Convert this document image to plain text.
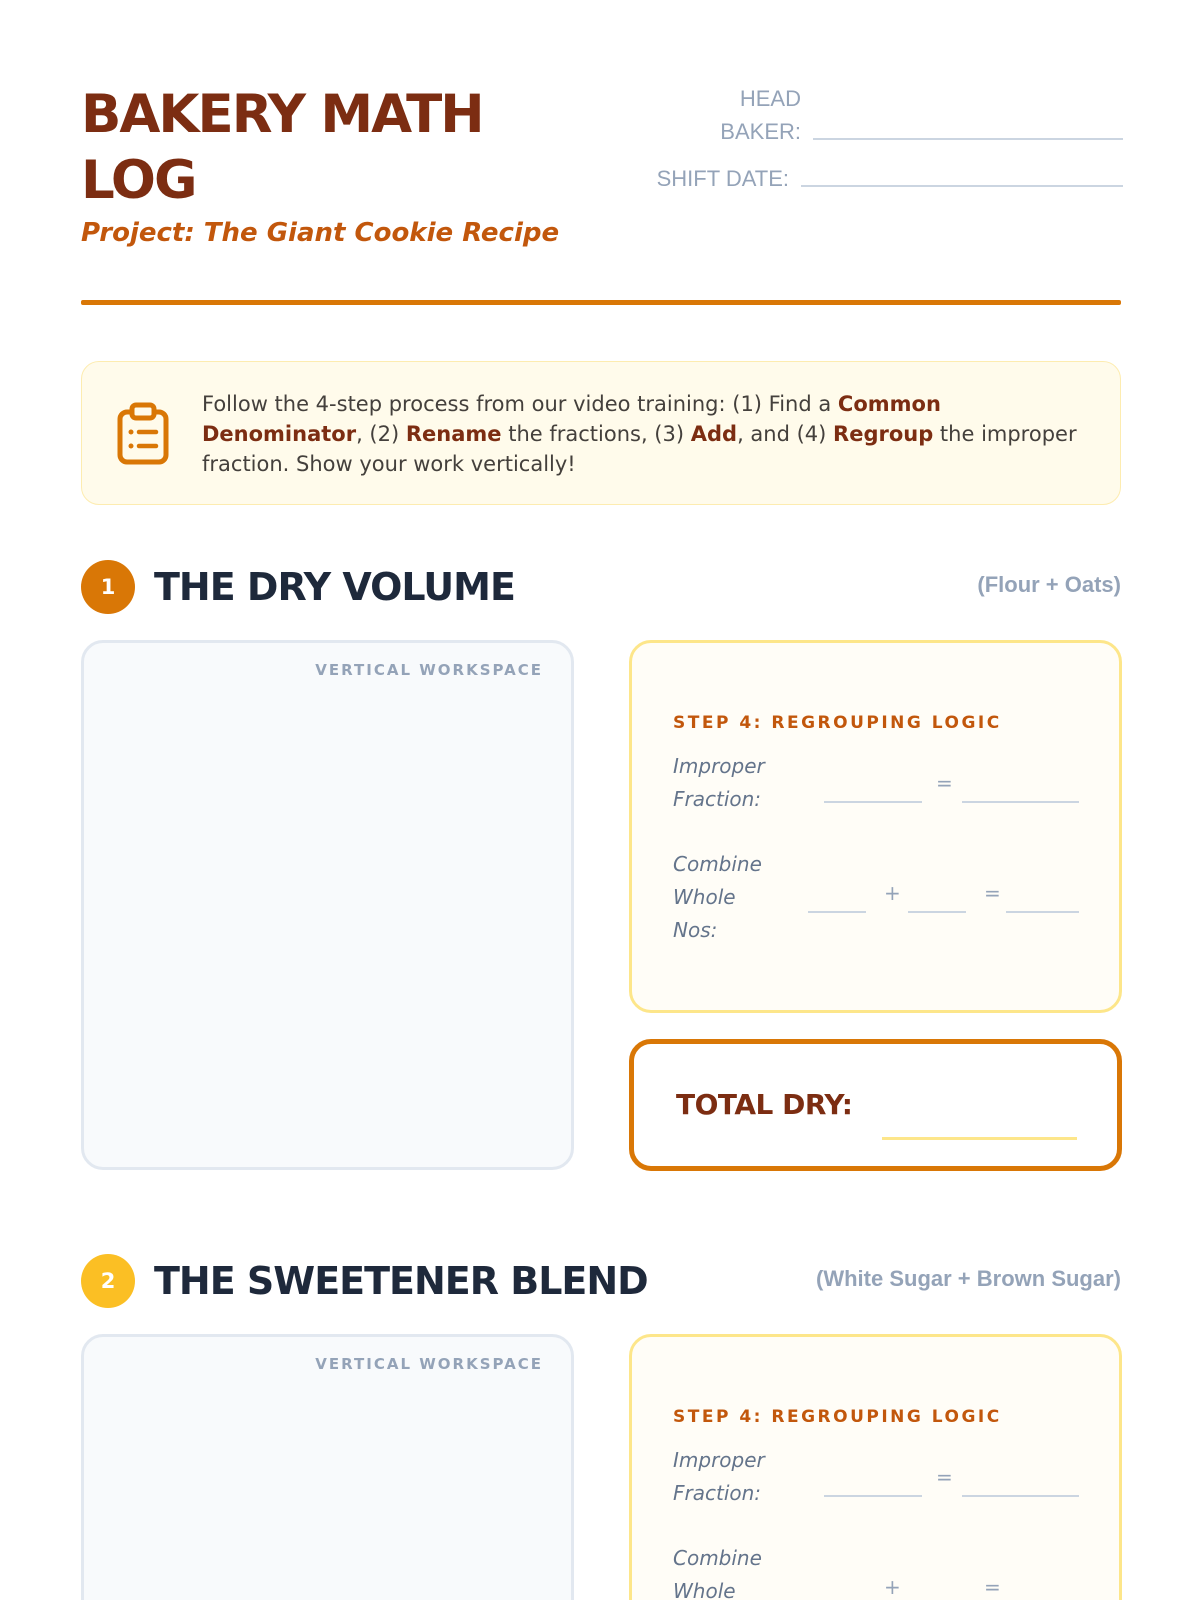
BAKERY MATH LOG
Project: The Giant Cookie Recipe
HEAD
BAKER:
SHIFT DATE:
Follow the 4-step process from our video training: (1) Find a Common Denominator, (2) Rename the fractions, (3) Add, and (4) Regroup the improper fraction. Show your work vertically!
1	THE DRY VOLUME	(Flour + Oats)
VERTICAL WORKSPACE
STEP 4: REGROUPING LOGIC
Improper
Fraction:
=
Combine
Whole
Nos:
+	=
TOTAL DRY:
2	THE SWEETENER BLEND	(White Sugar + Brown Sugar)
VERTICAL WORKSPACE
STEP 4: REGROUPING LOGIC
Improper
Fraction:
=
Combine
Whole	+	=
